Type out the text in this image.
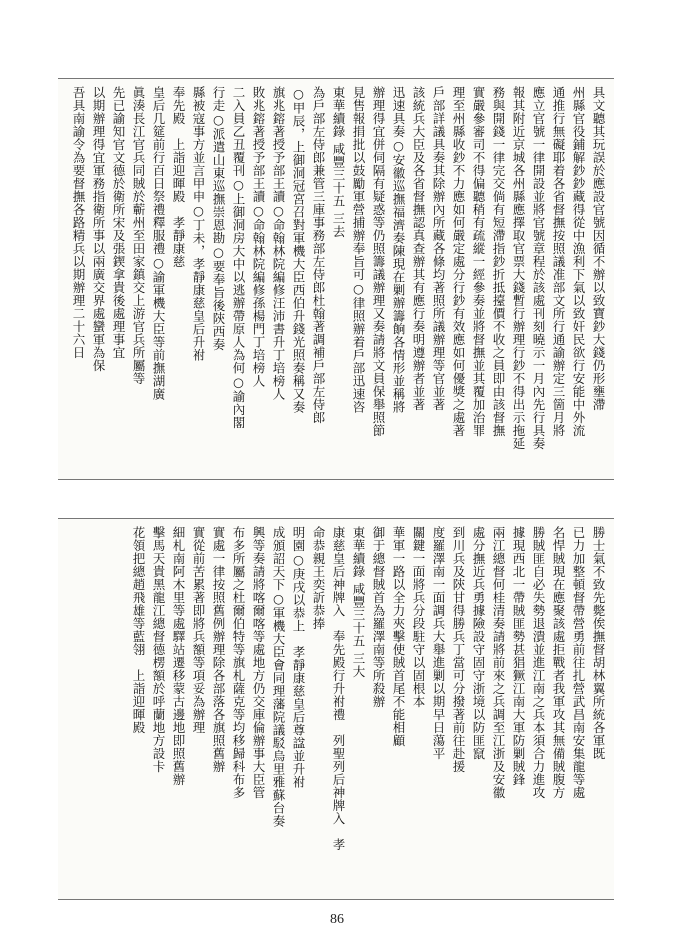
具文聽其玩誤於應設官號因循不辦以致寶鈔大錢仍形壅滯
州縣官役鋪解鈔鈔藏得從中漁利下氣以致奸民欲行安能中外流
通推行無礙耶着各省督撫按照議准部文所行通諭辦定三箇月將
應立官號一律開設並將官號章程於該處刊刻曉示一月內先行具奏
報其附近京城各州縣應擇取官票大錢暫行辦理行鈔不得出示拖延
務與開錢一律完交倘有短滯指鈔折抵擡價不收之員即由該督撫
實嚴參審司不得偏聽稍有疏縱一經參奏並將督撫並其覆加治罪
理至州縣收鈔不力應如何嚴定處分行鈔有效應如何優獎之處著
戶部詳議具奏其除辦內所藏各條均著照所議辦理等官並著
該統兵大臣及各省督撫認真查辦其有應行奏明遵辦者並著
迅速具奏○安徽巡撫福濟奏陳現在剿辦籌餉各情形並稱將
辦理得宜併伺隔有疑惑等仍照籌議辦理又奏請將文員保舉照節
見售報捐批以鼓勵軍營捕辦奉旨可○律照辦着戶部迅速咨
東華續錄 咸豐三十五 三去
為戶部左侍郎兼管三庫事務部左侍郎杜翰著調補戶部左侍郎
○甲辰，上御洞冠宮召對軍機大臣西伯升錢光照奏稱又奏
旗兆鎔著授予部王讀○命翰林院編修汪沛書升丁培榜人
敗兆鎔著授予部王讀○命翰林院編修孫楊門丁培榜人
二入員乙丑覆刊○上御洞房大中以逃辦帶原人為何○諭內閣
行走○派遣山東巡撫崇恩勘○要奉旨後陝西奏
縣被寇事方並言甲申○丁未，孝靜康慈皇后升祔
奉先殿　上詣迎暉殿　孝靜康慈
皇后几筵前行百日祭禮釋服禮○諭軍機大臣等前撫湖廣
眞湊長江官兵同賊於蘄州至田家鎮交上游官兵所屬等
先已諭知官文德於衛所宋及張鍥拿貴後處理事宜
以期辦理得宜軍務指衛所事以兩廣交界處蠻軍為保
吾具南諭令為要督撫各路精兵以期辦理二十六日
勝士氣不致先斃俟撫督胡林翼所統各軍既
已力加整頓督帶營勇前往扎營武昌南安集龍等處
名悍賊現在應聚該處拒戰者我軍攻其無備賊腹方
勝賊匪自必失勢退潰並進江南之兵本須合力進攻
據現西北一帶賊匪勢甚猖獗江南大軍防剿賊鋒
兩江總督何桂清奏請將前來之兵調至江浙及安徽
處分撫近兵勇據險設守固守浙境以防匪竄
到川兵及陝甘得勝兵丁當可分撥著前往赴援
度羅澤南一面調兵大舉進剿以期早日蕩平
關鍵一面將兵分段駐守以固根本
華軍一路以全力夾擊使賊首尾不能相顧
御于總督賊首為羅澤南等所殺辦
東華續錄 咸豐三十五 三大
康慈皇后神牌入　奉先殿行升祔禮　列聖列后神牌入　孝
命恭親王奕訢恭捧
明園○庚戌以恭上　孝靜康慈皇后尊諡並升祔
成頒詔天下○軍機大臣會同理藩院議駁烏里雅蘇台奏
興等奏請將喀爾喀等處地方仍交庫倫辦事大臣管
布多所屬之杜爾伯特等旗札薩克等均移歸科布多
實處一律按照舊例辦理除各部落各旗照舊辦
實從前苦累著即將兵額等項妥為辦理
細札南阿木里等處驛站遷移蒙古邊地即照舊辦
擊馬天貴黑龍江總督德楞額於呼蘭地方設卡
花領把總趙飛雄等藍翎　上詣迎暉殿
86
